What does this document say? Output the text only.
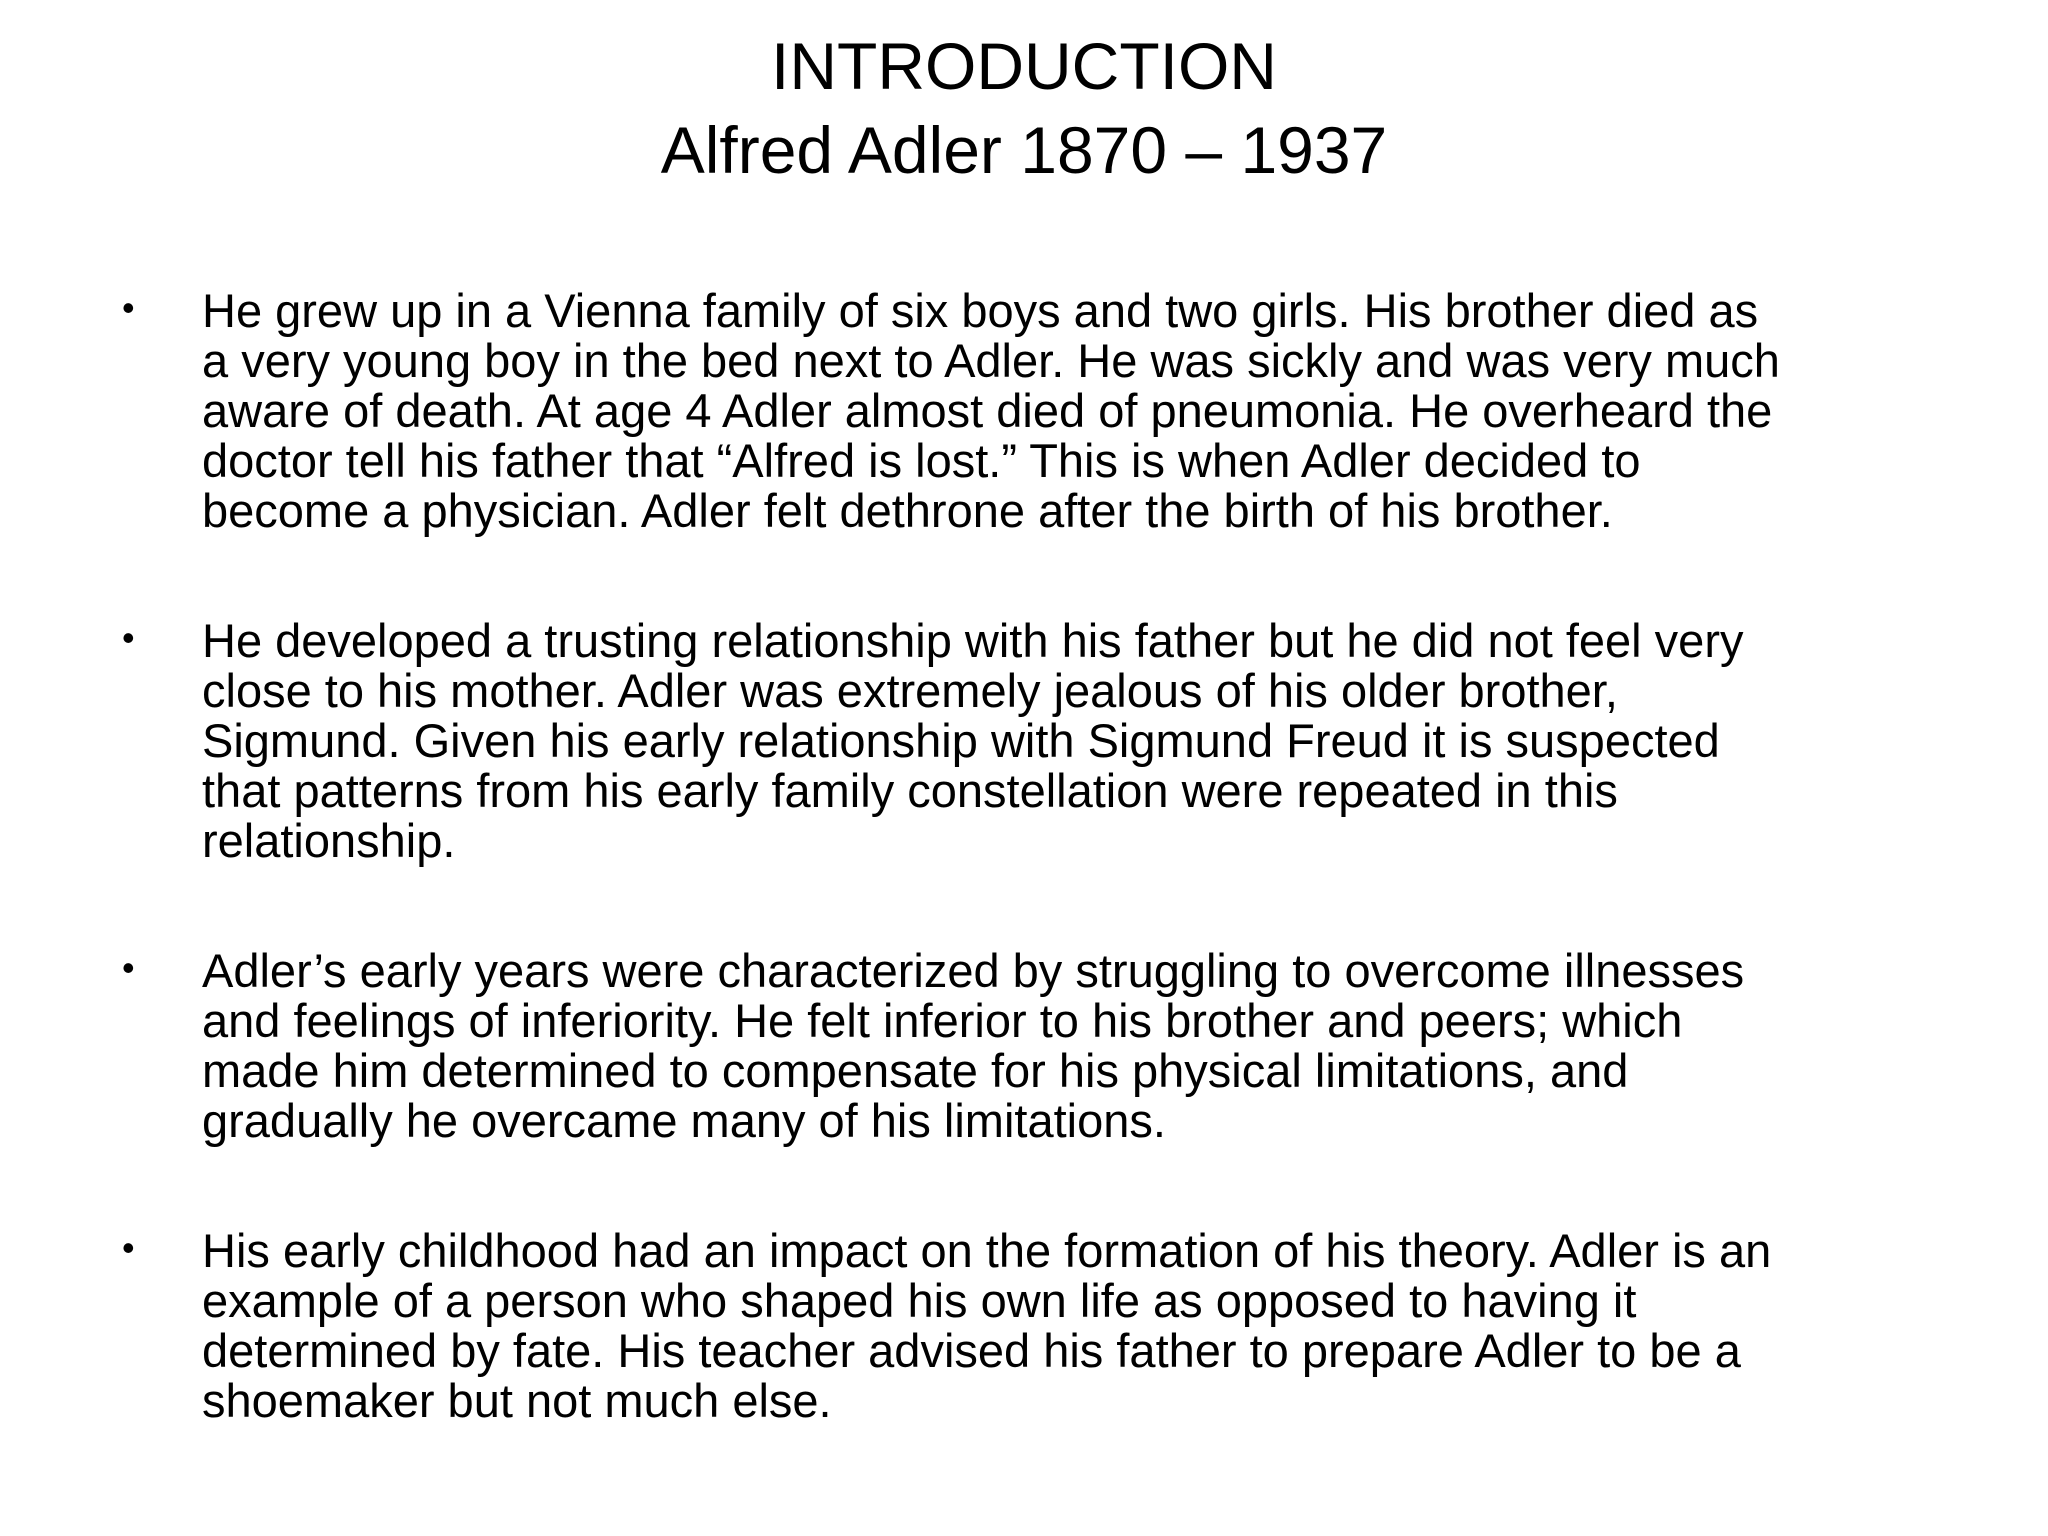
INTRODUCTION
Alfred Adler 1870 – 1937
• He grew up in a Vienna family of six boys and two girls. His brother died as
a very young boy in the bed next to Adler. He was sickly and was very much
aware of death. At age 4 Adler almost died of pneumonia. He overheard the
doctor tell his father that “Alfred is lost.” This is when Adler decided to
become a physician. Adler felt dethrone after the birth of his brother.
• He developed a trusting relationship with his father but he did not feel very
close to his mother. Adler was extremely jealous of his older brother,
Sigmund. Given his early relationship with Sigmund Freud it is suspected
that patterns from his early family constellation were repeated in this
relationship.
• Adler’s early years were characterized by struggling to overcome illnesses
and feelings of inferiority. He felt inferior to his brother and peers; which
made him determined to compensate for his physical limitations, and
gradually he overcame many of his limitations.
• His early childhood had an impact on the formation of his theory. Adler is an
example of a person who shaped his own life as opposed to having it
determined by fate. His teacher advised his father to prepare Adler to be a
shoemaker but not much else.
